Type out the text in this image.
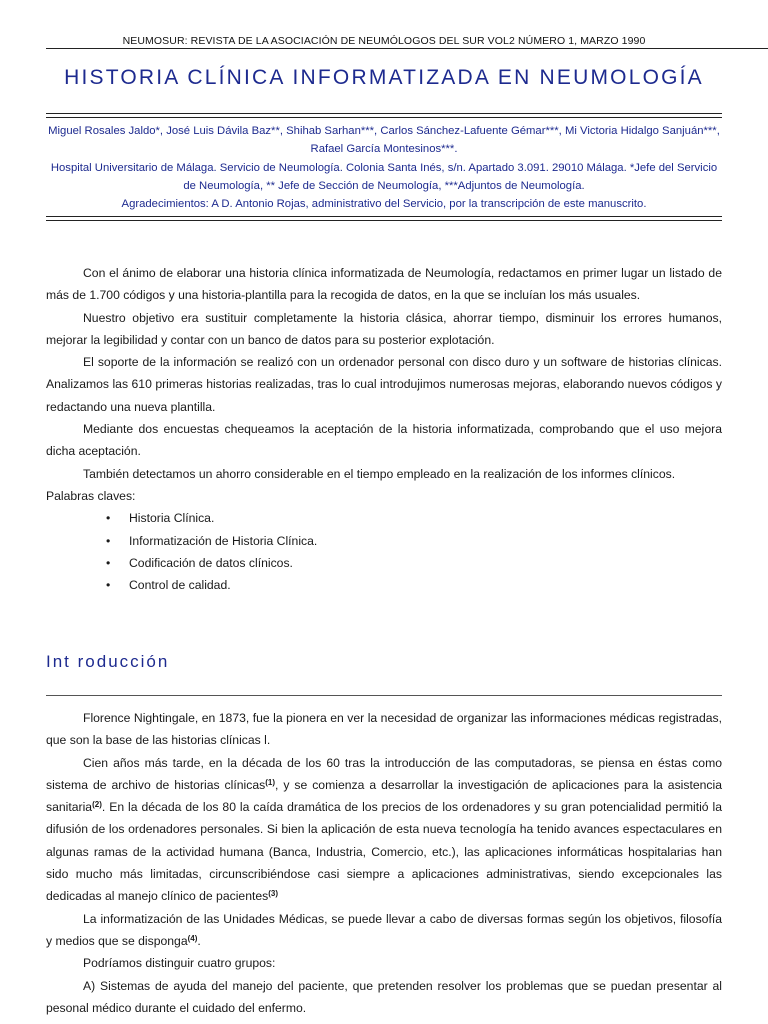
NEUMOSUR: REVISTA DE LA ASOCIACIÓN DE NEUMÓLOGOS DEL SUR VOL2 NÚMERO 1, MARZO 1990
HISTORIA CLÍNICA INFORMATIZADA EN NEUMOLOGÍA

Miguel Rosales Jaldo*, José Luis Dávila Baz**, Shihab Sarhan***, Carlos Sánchez-Lafuente Gémar***, Mi Victoria Hidalgo Sanjuán***, Rafael García Montesinos***.

Hospital Universitario de Málaga. Servicio de Neumología. Colonia Santa Inés, s/n. Apartado 3.091. 29010 Málaga. *Jefe del Servicio de Neumología, ** Jefe de Sección de Neumología, ***Adjuntos de Neumología.

Agradecimientos: A D. Antonio Rojas, administrativo del Servicio, por la transcripción de este manuscrito.

Con el ánimo de elaborar una historia clínica informatizada de Neumología, redactamos en primer lugar un listado de más de 1.700 códigos y una historia-plantilla para la recogida de datos, en la que se incluían los más usuales.

Nuestro objetivo era sustituir completamente la historia clásica, ahorrar tiempo, disminuir los errores humanos, mejorar la legibilidad y contar con un banco de datos para su posterior explotación.

El soporte de la información se realizó con un ordenador personal con disco duro y un software de historias clínicas. Analizamos las 610 primeras historias realizadas, tras lo cual introdujimos numerosas mejoras, elaborando nuevos códigos y redactando una nueva plantilla.

Mediante dos encuestas chequeamos la aceptación de la historia informatizada, comprobando que el uso mejora dicha aceptación.

También detectamos un ahorro considerable en el tiempo empleado en la realización de los informes clínicos.

Palabras claves:

• Historia Clínica.
• Informatización de Historia Clínica.
• Codificación de datos clínicos.
• Control de calidad.
Int roducción

Florence Nightingale, en 1873, fue la pionera en ver la necesidad de organizar las informaciones médicas registradas, que son la base de las historias clínicas l.

Cien años más tarde, en la década de los 60 tras la introducción de las computadoras, se piensa en éstas como sistema de archivo de historias clínicas$^{(1)}$, y se comienza a desarrollar la investigación de aplicaciones para la asistencia sanitaria$^{(2)}$. En la década de los 80 la caída dramática de los precios de los ordenadores y su gran potencialidad permitió la difusión de los ordenadores personales. Si bien la aplicación de esta nueva tecnología ha tenido avances espectaculares en algunas ramas de la actividad humana (Banca, Industria, Comercio, etc.), las aplicaciones informáticas hospitalarias han sido mucho más limitadas, circunscribiéndose casi siempre a aplicaciones administrativas, siendo excepcionales las dedicadas al manejo clínico de pacientes$^{(3)}$

La informatización de las Unidades Médicas, se puede llevar a cabo de diversas formas según los objetivos, filosofía y medios que se disponga$^{(4)}$.

Podríamos distinguir cuatro grupos:

A) Sistemas de ayuda del manejo del paciente, que pretenden resolver los problemas que se puedan presentar al pesonal médico durante el cuidado del enfermo.
